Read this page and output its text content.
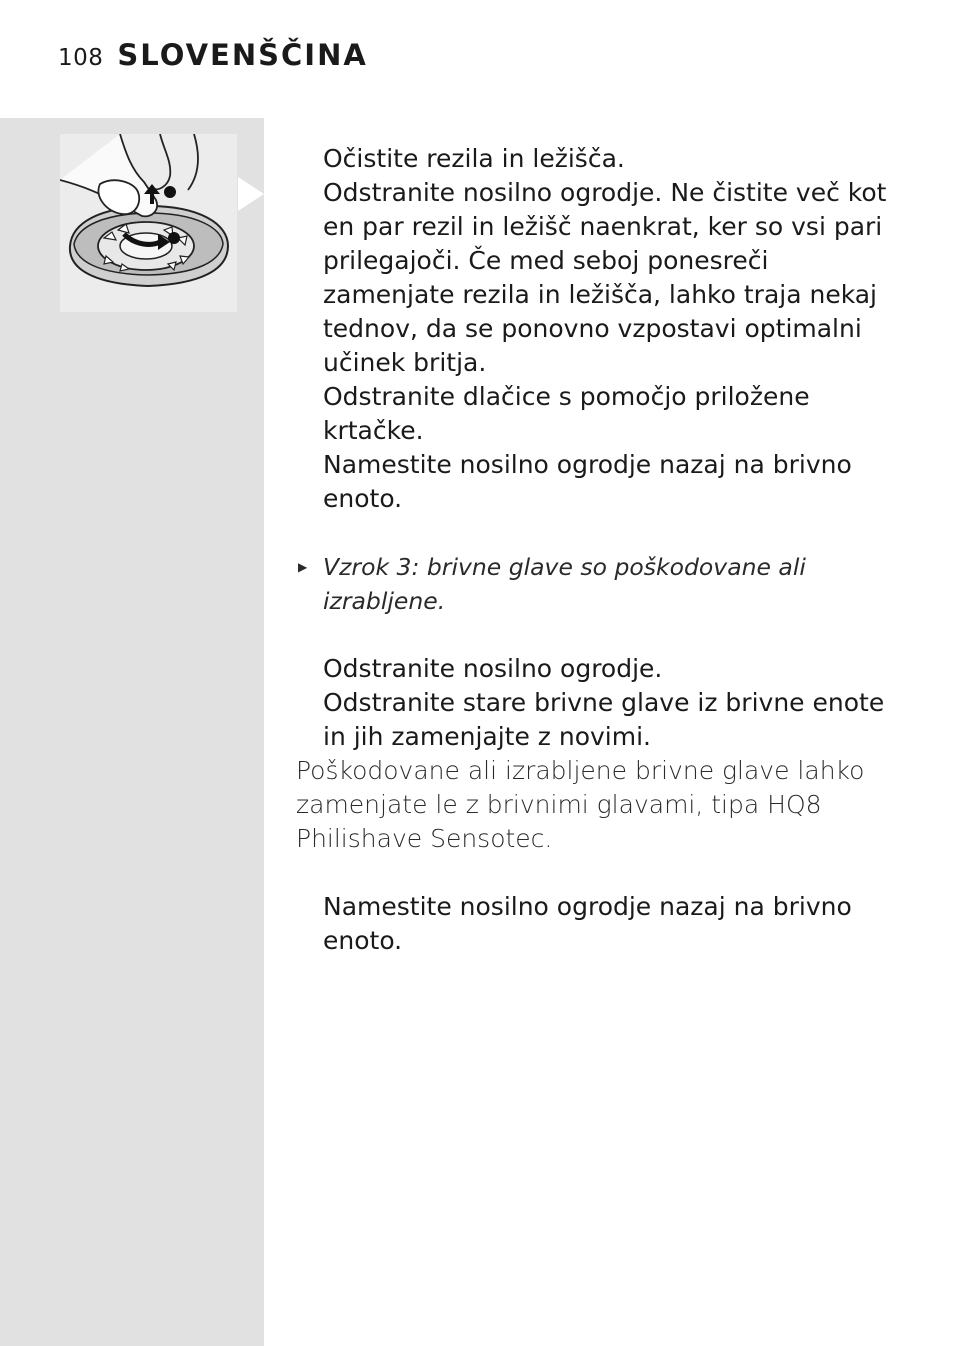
108 SLOVENŠČINA

Očistite rezila in ležišča.

Odstranite nosilno ogrodje. Ne čistite več kot en par rezil in ležišč naenkrat, ker so vsi pari prilegajoči. Če med seboj ponesreči zamenjate rezila in ležišča, lahko traja nekaj tednov, da se ponovno vzpostavi optimalni učinek britja.

Odstranite dlačice s pomočjo priložene krtačke.

Namestite nosilno ogrodje nazaj na brivno enoto.

▶ Vzrok 3: brivne glave so poškodovane ali izrabljene.

Odstranite nosilno ogrodje.

Odstranite stare brivne glave iz brivne enote in jih zamenjajte z novimi.

Poškodovane ali izrabljene brivne glave lahko zamenjate le z brivnimi glavami, tipa HQ8 Philishave Sensotec.

Namestite nosilno ogrodje nazaj na brivno enoto.
